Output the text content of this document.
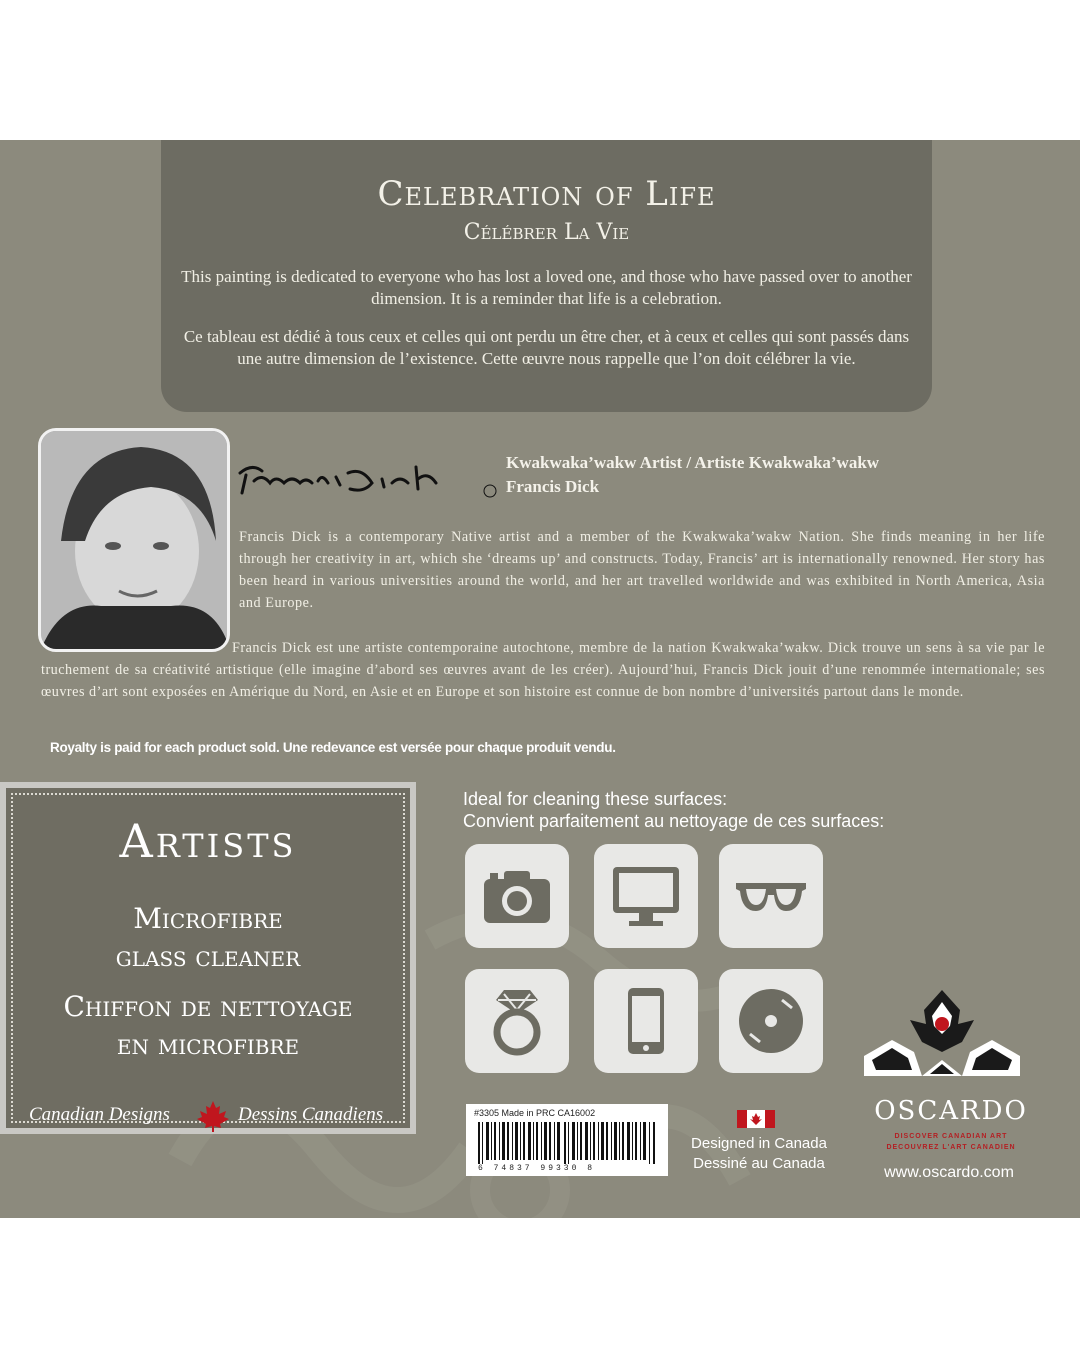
Celebration of Life
Célébrer La Vie
This painting is dedicated to everyone who has lost a loved one, and those who have passed over to another dimension. It is a reminder that life is a celebration.
Ce tableau est dédié à tous ceux et celles qui ont perdu un être cher, et à ceux et celles qui sont passés dans une autre dimension de l’existence. Cette œuvre nous rappelle que l’on doit célébrer la vie.
Kwakwaka’wakw Artist / Artiste Kwakwaka’wakw
Francis Dick
Francis Dick is a contemporary Native artist and a member of the Kwakwaka’wakw Nation. She finds meaning in her life through her creativity in art, which she ‘dreams up’ and constructs. Today, Francis’ art is internationally renowned. Her story has been heard in various universities around the world, and her art travelled worldwide and was exhibited in North America, Asia and Europe.
Francis Dick est une artiste contemporaine autochtone, membre de la nation Kwakwaka’wakw. Dick trouve un sens à sa vie par le truchement de sa créativité artistique (elle imagine d’abord ses œuvres avant de les créer). Aujourd’hui, Francis Dick jouit d’une renommée internationale; ses œuvres d’art sont exposées en Amérique du Nord, en Asie et en Europe et son histoire est connue de bon nombre d’universités partout dans le monde.
Royalty is paid for each product sold. Une redevance est versée pour chaque produit vendu.
Artists
Microfibre
glass cleaner
Chiffon de nettoyage
en microfibre
Canadian Designs	Dessins Canadiens
Ideal for cleaning these surfaces:
Convient parfaitement au nettoyage de ces surfaces:
#3305 Made in PRC CA16002
6 74837 99330 8
Designed in Canada
Dessiné au Canada
OSCARDO
DISCOVER CANADIAN ART
DECOUVREZ L'ART CANADIEN
www.oscardo.com
